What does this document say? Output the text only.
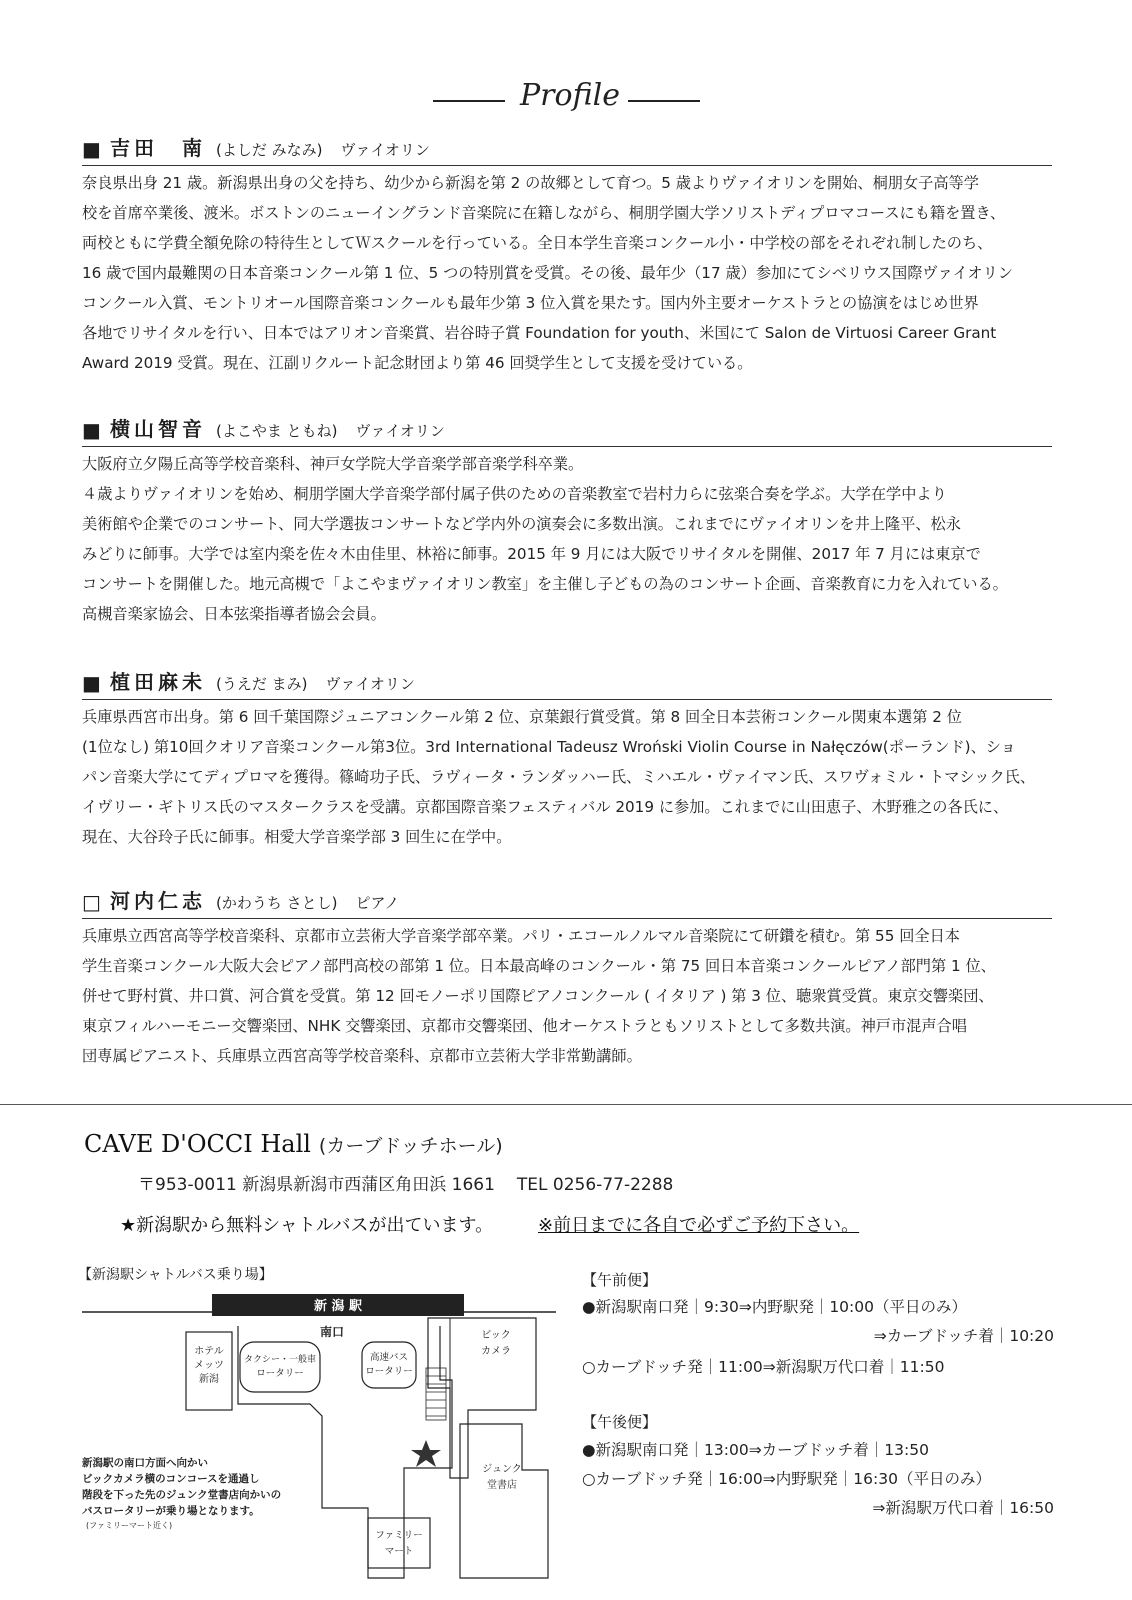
Profile
■ 吉田　南 (よしだ みなみ) ヴァイオリン

奈良県出身 21 歳。新潟県出身の父を持ち、幼少から新潟を第 2 の故郷として育つ。5 歳よりヴァイオリンを開始、桐朋女子高等学

校を首席卒業後、渡米。ボストンのニューイングランド音楽院に在籍しながら、桐朋学園大学ソリストディプロマコースにも籍を置き、

両校ともに学費全額免除の特待生としてＷスクールを行っている。全日本学生音楽コンクール小・中学校の部をそれぞれ制したのち、

16 歳で国内最難関の日本音楽コンクール第 1 位、5 つの特別賞を受賞。その後、最年少（17 歳）参加にてシベリウス国際ヴァイオリン

コンクール入賞、モントリオール国際音楽コンクールも最年少第 3 位入賞を果たす。国内外主要オーケストラとの協演をはじめ世界

各地でリサイタルを行い、日本ではアリオン音楽賞、岩谷時子賞 Foundation for youth、米国にて Salon de Virtuosi Career Grant

Award 2019 受賞。現在、江副リクルート記念財団より第 46 回奨学生として支援を受けている。

■ 横山智音 (よこやま ともね) ヴァイオリン

大阪府立夕陽丘高等学校音楽科、神戸女学院大学音楽学部音楽学科卒業。

４歳よりヴァイオリンを始め、桐朋学園大学音楽学部付属子供のための音楽教室で岩村力らに弦楽合奏を学ぶ。大学在学中より

美術館や企業でのコンサート、同大学選抜コンサートなど学内外の演奏会に多数出演。これまでにヴァイオリンを井上隆平、松永

みどりに師事。大学では室内楽を佐々木由佳里、林裕に師事。2015 年 9 月には大阪でリサイタルを開催、2017 年 7 月には東京で

コンサートを開催した。地元高槻で「よこやまヴァイオリン教室」を主催し子どもの為のコンサート企画、音楽教育に力を入れている。

高槻音楽家協会、日本弦楽指導者協会会員。

■ 植田麻未 (うえだ まみ) ヴァイオリン

兵庫県西宮市出身。第 6 回千葉国際ジュニアコンクール第 2 位、京葉銀行賞受賞。第 8 回全日本芸術コンクール関東本選第 2 位

(1位なし) 第10回クオリア音楽コンクール第3位。3rd International Tadeusz Wroński Violin Course in Nałęczów(ポーランド)、ショ

パン音楽大学にてディプロマを獲得。篠崎功子氏、ラヴィータ・ランダッハー氏、ミハエル・ヴァイマン氏、スワヴォミル・トマシック氏、

イヴリー・ギトリス氏のマスタークラスを受講。京都国際音楽フェスティバル 2019 に参加。これまでに山田恵子、木野雅之の各氏に、

現在、大谷玲子氏に師事。相愛大学音楽学部 3 回生に在学中。

□ 河内仁志 (かわうち さとし) ピアノ

兵庫県立西宮高等学校音楽科、京都市立芸術大学音楽学部卒業。パリ・エコールノルマル音楽院にて研鑽を積む。第 55 回全日本

学生音楽コンクール大阪大会ピアノ部門高校の部第 1 位。日本最高峰のコンクール・第 75 回日本音楽コンクールピアノ部門第 1 位、

併せて野村賞、井口賞、河合賞を受賞。第 12 回モノーポリ国際ピアノコンクール ( イタリア ) 第 3 位、聴衆賞受賞。東京交響楽団、

東京フィルハーモニー交響楽団、NHK 交響楽団、京都市交響楽団、他オーケストラともソリストとして多数共演。神戸市混声合唱

団専属ピアニスト、兵庫県立西宮高等学校音楽科、京都市立芸術大学非常勤講師。

CAVE D'OCCI Hall (カーブドッチホール)
〒953-0011 新潟県新潟市西蒲区角田浜 1661 TEL 0256-77-2288
★新潟駅から無料シャトルバスが出ています。 ※前日までに各自で必ずご予約下さい。
【新潟駅シャトルバス乗り場】
新 潟 駅
南口
ホテル
メッツ
新潟
タクシー・一般車
ロータリー
高速バス
ロータリー
ビック
カメラ
ジュンク
堂書店
ファミリー
マート
新潟駅の南口方面へ向かい
ビックカメラ横のコンコースを通過し
階段を下った先のジュンク堂書店向かいの
バスロータリーが乗り場となります。
(ファミリーマート近く)
【午前便】
●新潟駅南口発｜9:30⇒内野駅発｜10:00（平日のみ）
⇒カーブドッチ着｜10:20
○カーブドッチ発｜11:00⇒新潟駅万代口着｜11:50
【午後便】
●新潟駅南口発｜13:00⇒カーブドッチ着｜13:50
○カーブドッチ発｜16:00⇒内野駅発｜16:30（平日のみ）
⇒新潟駅万代口着｜16:50
